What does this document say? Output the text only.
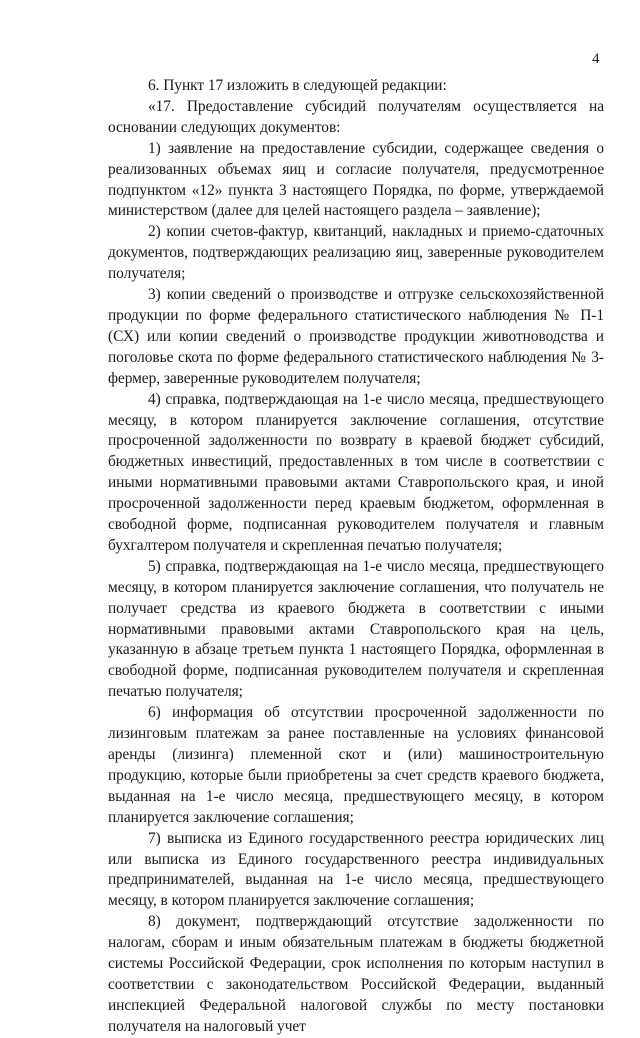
4

6. Пункт 17 изложить в следующей редакции:

«17. Предоставление субсидий получателям осуществляется на основании следующих документов:

1) заявление на предоставление субсидии, содержащее сведения о реализованных объемах яиц и согласие получателя, предусмотренное подпунктом «12» пункта 3 настоящего Порядка, по форме, утверждаемой министерством (далее для целей настоящего раздела – заявление);

2) копии счетов-фактур, квитанций, накладных и приемо-сдаточных документов, подтверждающих реализацию яиц, заверенные руководителем получателя;

3) копии сведений о производстве и отгрузке сельскохозяйственной продукции по форме федерального статистического наблюдения № П-1 (СХ) или копии сведений о производстве продукции животноводства и поголовье скота по форме федерального статистического наблюдения № 3-фермер, заверенные руководителем получателя;

4) справка, подтверждающая на 1-е число месяца, предшествующего месяцу, в котором планируется заключение соглашения, отсутствие просроченной задолженности по возврату в краевой бюджет субсидий, бюджетных инвестиций, предоставленных в том числе в соответствии с иными нормативными правовыми актами Ставропольского края, и иной просроченной задолженности перед краевым бюджетом, оформленная в свободной форме, подписанная руководителем получателя и главным бухгалтером получателя и скрепленная печатью получателя;

5) справка, подтверждающая на 1-е число месяца, предшествующего месяцу, в котором планируется заключение соглашения, что получатель не получает средства из краевого бюджета в соответствии с иными нормативными правовыми актами Ставропольского края на цель, указанную в абзаце третьем пункта 1 настоящего Порядка, оформленная в свободной форме, подписанная руководителем получателя и скрепленная печатью получателя;

6) информация об отсутствии просроченной задолженности по лизинговым платежам за ранее поставленные на условиях финансовой аренды (лизинга) племенной скот и (или) машиностроительную продукцию, которые были приобретены за счет средств краевого бюджета, выданная на 1-е число месяца, предшествующего месяцу, в котором планируется заключение соглашения;

7) выписка из Единого государственного реестра юридических лиц или выписка из Единого государственного реестра индивидуальных предпринимателей, выданная на 1-е число месяца, предшествующего месяцу, в котором планируется заключение соглашения;

8) документ, подтверждающий отсутствие задолженности по налогам, сборам и иным обязательным платежам в бюджеты бюджетной системы Российской Федерации, срок исполнения по которым наступил в соответствии с законодательством Российской Федерации, выданный инспекцией Федеральной налоговой службы по месту постановки получателя на налоговый учет
